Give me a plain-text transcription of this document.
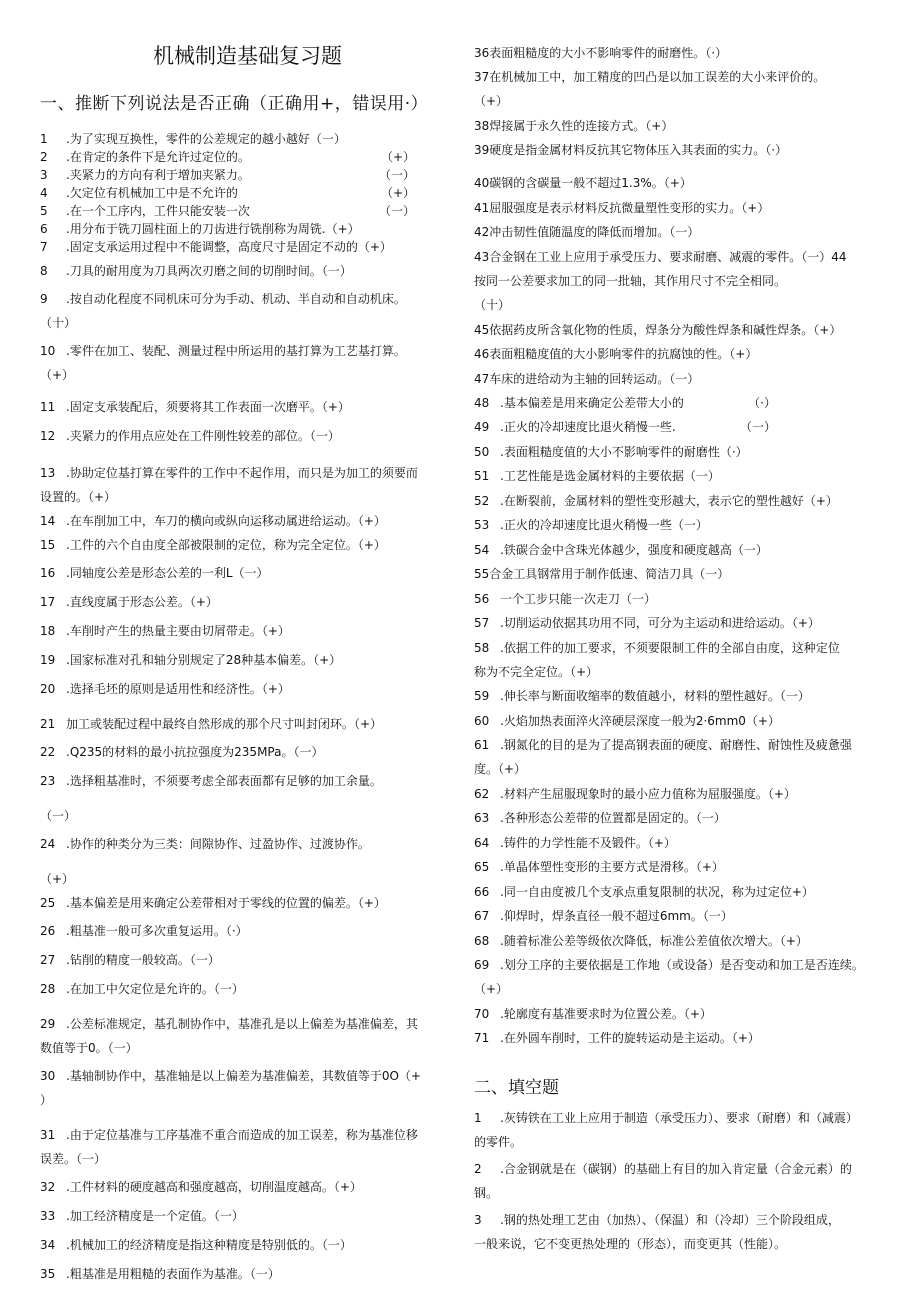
机械制造基础复习题
一、推断下列说法是否正确（正确用+，错误用·）
1 .为了实现互换性，零件的公差规定的越小越好（一）
2 .在肯定的条件下是允许过定位的。	（+）
3 .夹紧力的方向有利于增加夹紧力。	（一）
4 .欠定位有机械加工中是不允许的	（+）
5 .在一个工序内，工件只能安装一次	（一）
6 .用分布于铣刀圆柱面上的刀齿进行铣削称为周铣.（+）
7 .固定支承运用过程中不能调整，高度尺寸是固定不动的（+）
8 .刀具的耐用度为刀具两次刃磨之间的切削时间。（一）
9 .按自动化程度不同机床可分为手动、机动、半自动和自动机床。
（十）
10 .零件在加工、装配、测量过程中所运用的基打算为工艺基打算。
（+）
11 .固定支承装配后，须要将其工作表面一次磨平。（+）
12 .夹紧力的作用点应处在工件刚性较差的部位。（一）
13 .协助定位基打算在零件的工作中不起作用，而只是为加工的须要而
设置的。（+）
14 .在车削加工中，车刀的横向或纵向运移动属进给运动。（+）
15 .工件的六个自由度全部被限制的定位，称为完全定位。（+）
16 .同轴度公差是形态公差的一利L（一）
17 .直线度属于形态公差。（+）
18 .车削时产生的热量主要由切屑带走。（+）
19 .国家标准对孔和轴分别规定了28种基本偏差。（+）
20 .选择毛坯的原则是适用性和经济性。（+）
21 加工或装配过程中最终自然形成的那个尺寸叫封闭环。（+）
22 .Q235的材料的最小抗拉强度为235MPa。（一）
23 .选择粗基准时，不须要考虑全部表面都有足够的加工余量。
（一）
24 .协作的种类分为三类：间隙协作、过盈协作、过渡协作。
（+）
25 .基本偏差是用来确定公差带相对于零线的位置的偏差。（+）
26 .粗基准一般可多次重复运用。（·）
27 .钻削的精度一般较高。（一）
28 .在加工中欠定位是允许的。（一）
29 .公差标准规定，基孔制协作中，基准孔是以上偏差为基准偏差，其
数值等于0。（一）
30 .基轴制协作中，基准轴是以上偏差为基准偏差，其数值等于0O（+
）
31 .由于定位基准与工序基准不重合而造成的加工误差，称为基准位移
误差。（一）
32 .工件材料的硬度越高和强度越高，切削温度越高。（+）
33 .加工经济精度是一个定值。（一）
34 .机械加工的经济精度是指这种精度是特别低的。（一）
35 .粗基准是用粗糙的表面作为基准。（一）
36表面粗糙度的大小不影响零件的耐磨性。（·）
37在机械加工中，加工精度的凹凸是以加工误差的大小来评价的。
（+）
38焊接属于永久性的连接方式。（+）
39硬度是指金属材料反抗其它物体压入其表面的实力。（·）
40碳钢的含碳量一般不超过1.3%。（+）
41屈服强度是表示材料反抗微量塑性变形的实力。（+）
42冲击韧性值随温度的降低而增加。（一）
43合金钢在工业上应用于承受压力、要求耐磨、减震的零件。（一）44
按同一公差要求加工的同一批轴，其作用尺寸不完全相同。
（十）
45依据药皮所含氧化物的性质，焊条分为酸性焊条和碱性焊条。（+）
46表面粗糙度值的大小影响零件的抗腐蚀的性。（+）
47车床的进给动为主轴的回转运动。（一）
48 .基本偏差是用来确定公差带大小的	（·）
49 .正火的冷却速度比退火稍慢一些.	（一）
50 .表面粗糙度值的大小不影响零件的耐磨性（·）
51 .工艺性能是选金属材料的主要依据（一）
52 .在断裂前，金属材料的塑性变形越大，表示它的塑性越好（+）
53 .正火的冷却速度比退火稍慢一些（一）
54 .铁碳合金中含珠光体越少，强度和硬度越高（一）
55合金工具钢常用于制作低速、简洁刀具（一）
56 一个工步只能一次走刀（一）
57 .切削运动依据其功用不同，可分为主运动和进给运动。（+）
58 .依据工件的加工要求，不须要限制工件的全部自由度，这种定位
称为不完全定位。（+）
59 .伸长率与断面收缩率的数值越小，材料的塑性越好。（一）
60 .火焰加热表面淬火淬硬层深度一般为2·6mm0（+）
61 .钢氮化的目的是为了提高钢表面的硬度、耐磨性、耐蚀性及疲惫强
度。（+）
62 .材料产生屈服现象时的最小应力值称为屈服强度。（+）
63 .各种形态公差带的位置都是固定的。（一）
64 .铸件的力学性能不及锻件。（+）
65 .单晶体塑性变形的主要方式是滑移。（+）
66 .同一自由度被几个支承点重复限制的状况，称为过定位+）
67 .仰焊时，焊条直径一般不超过6mm。（一）
68 .随着标准公差等级依次降低，标准公差值依次增大。（+）
69 .划分工序的主要依据是工作地（或设备）是否变动和加工是否连续。
（+）
70 .轮廓度有基准要求时为位置公差。（+）
71 .在外圆车削时，工件的旋转运动是主运动。（+）
二、填空题
1 .灰铸铁在工业上应用于制造（承受压力）、要求（耐磨）和（减震）
的零件。
2 .合金钢就是在（碳钢）的基础上有目的加入肯定量（合金元素）的
钢。
3 .钢的热处理工艺由（加热）、（保温）和（冷却）三个阶段组成，
一般来说，它不变更热处理的（形态），而变更其（性能）。
